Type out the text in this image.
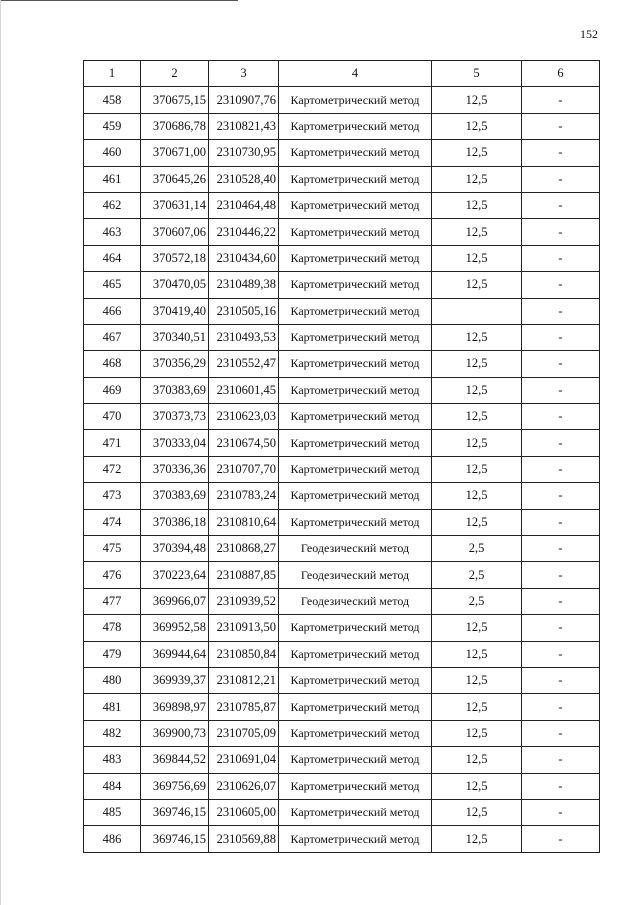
152
1	2	3	4	5	6
458	370675,15	2310907,76	Картометрический метод	12,5	-
459	370686,78	2310821,43	Картометрический метод	12,5	-
460	370671,00	2310730,95	Картометрический метод	12,5	-
461	370645,26	2310528,40	Картометрический метод	12,5	-
462	370631,14	2310464,48	Картометрический метод	12,5	-
463	370607,06	2310446,22	Картометрический метод	12,5	-
464	370572,18	2310434,60	Картометрический метод	12,5	-
465	370470,05	2310489,38	Картометрический метод	12,5	-
466	370419,40	2310505,16	Картометрический метод		-
467	370340,51	2310493,53	Картометрический метод	12,5	-
468	370356,29	2310552,47	Картометрический метод	12,5	-
469	370383,69	2310601,45	Картометрический метод	12,5	-
470	370373,73	2310623,03	Картометрический метод	12,5	-
471	370333,04	2310674,50	Картометрический метод	12,5	-
472	370336,36	2310707,70	Картометрический метод	12,5	-
473	370383,69	2310783,24	Картометрический метод	12,5	-
474	370386,18	2310810,64	Картометрический метод	12,5	-
475	370394,48	2310868,27	Геодезический метод	2,5	-
476	370223,64	2310887,85	Геодезический метод	2,5	-
477	369966,07	2310939,52	Геодезический метод	2,5	-
478	369952,58	2310913,50	Картометрический метод	12,5	-
479	369944,64	2310850,84	Картометрический метод	12,5	-
480	369939,37	2310812,21	Картометрический метод	12,5	-
481	369898,97	2310785,87	Картометрический метод	12,5	-
482	369900,73	2310705,09	Картометрический метод	12,5	-
483	369844,52	2310691,04	Картометрический метод	12,5	-
484	369756,69	2310626,07	Картометрический метод	12,5	-
485	369746,15	2310605,00	Картометрический метод	12,5	-
486	369746,15	2310569,88	Картометрический метод	12,5	-
